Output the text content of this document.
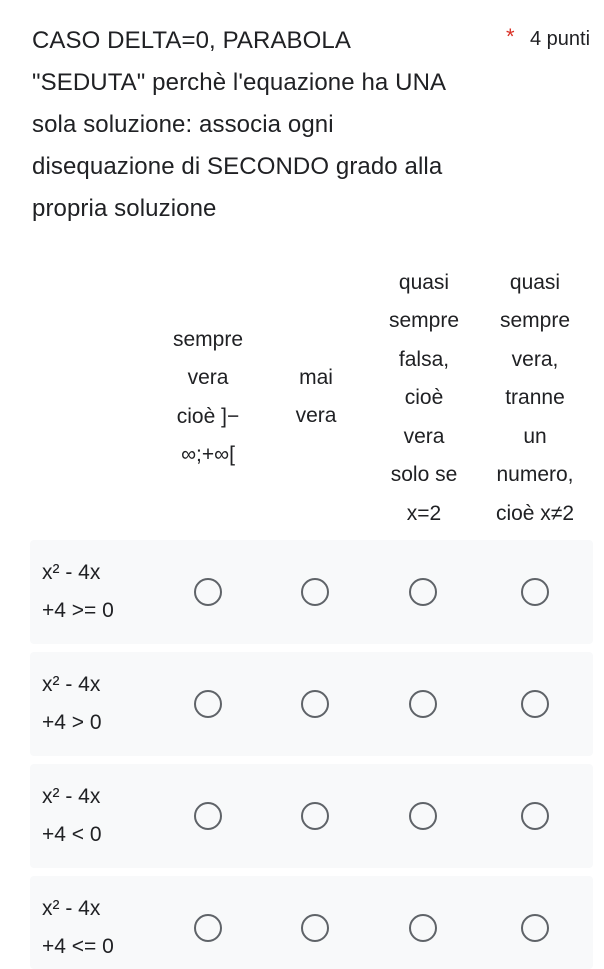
CASO DELTA=0, PARABOLA
"SEDUTA" perchè l'equazione ha UNA
sola soluzione: associa ogni
disequazione di SECONDO grado alla
propria soluzione
* 4 punti
sempre
vera
cioè ]−
∞;+∞[
mai
vera
quasi
sempre
falsa,
cioè
vera
solo se
x=2
quasi
sempre
vera,
tranne
un
numero,
cioè x≠2
x² - 4x
+4 >= 0
x² - 4x
+4 > 0
x² - 4x
+4 < 0
x² - 4x
+4 <= 0
